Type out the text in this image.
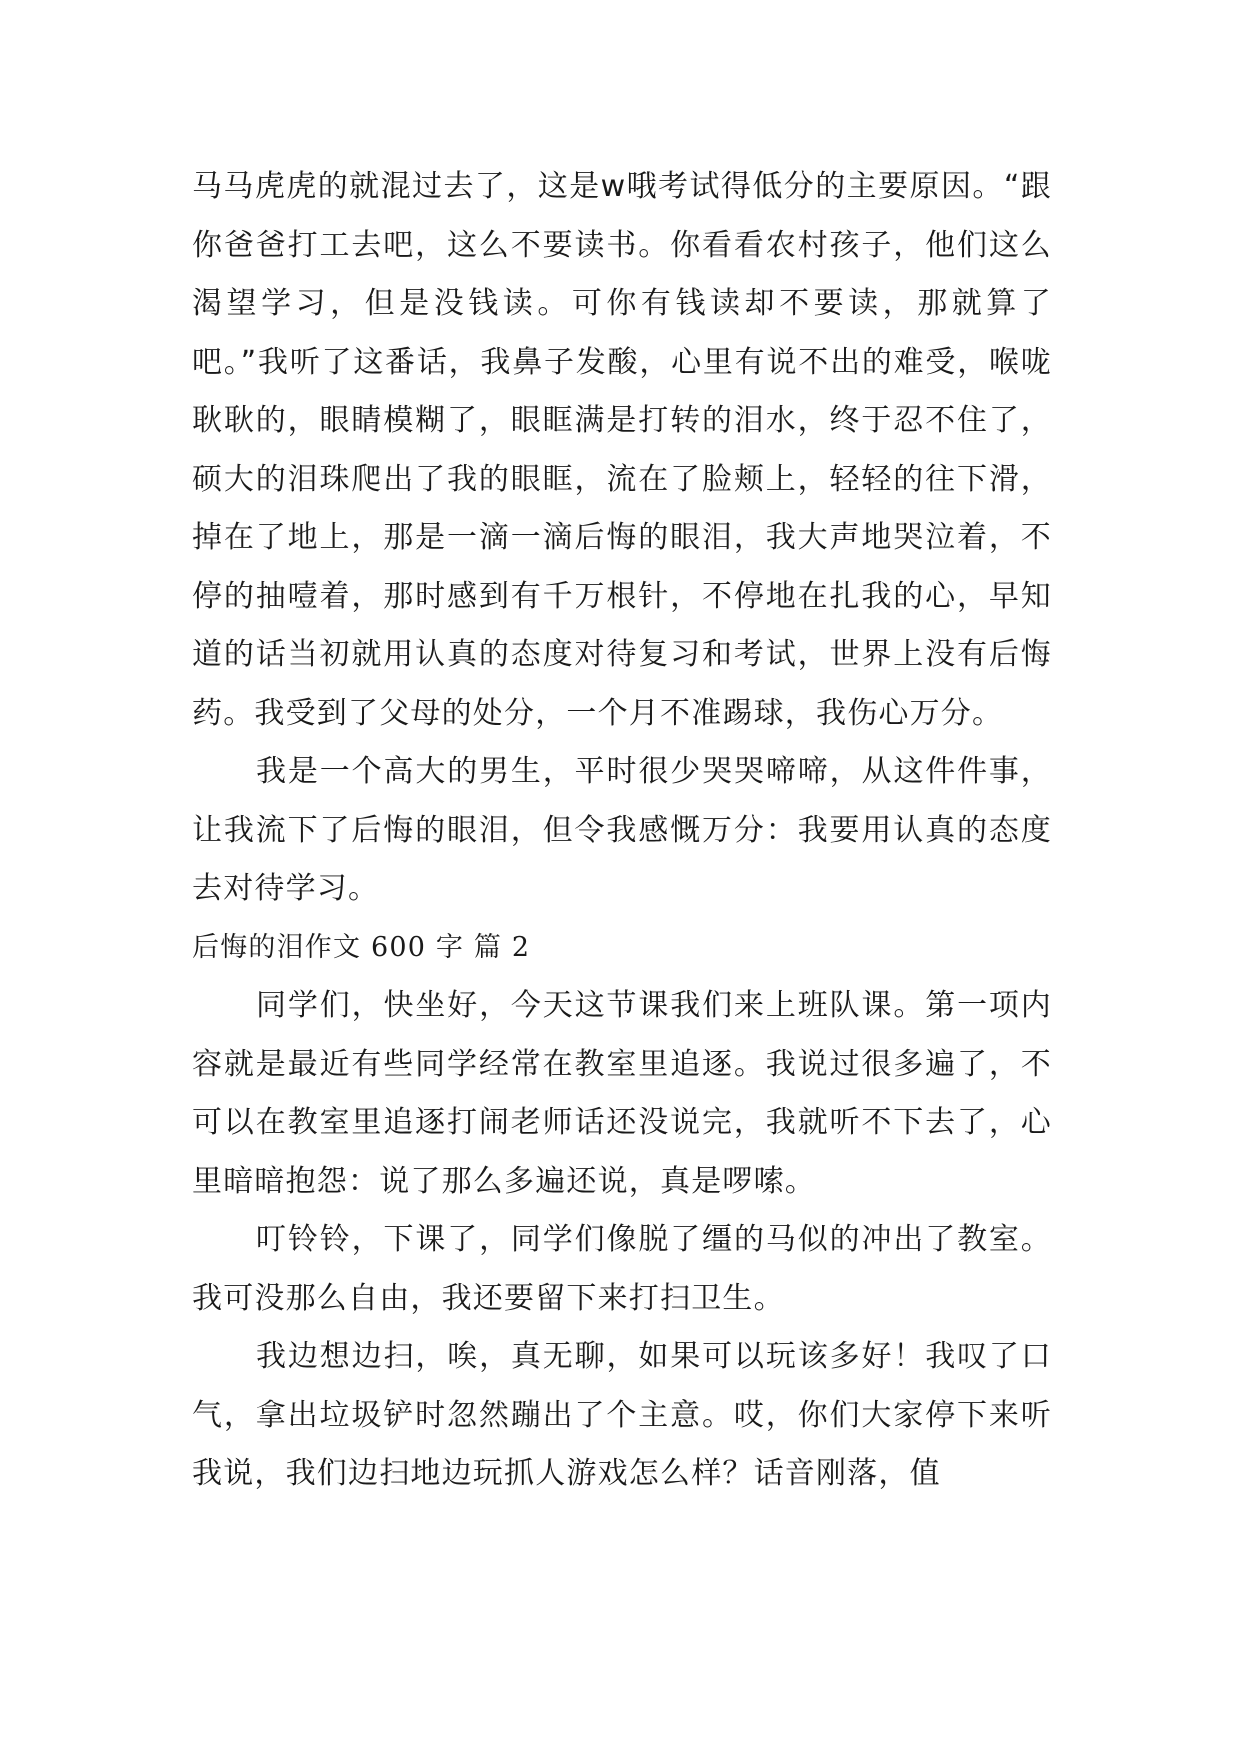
马马虎虎的就混过去了，这是w哦考试得低分的主要原因。“跟你爸爸打工去吧，这么不要读书。你看看农村孩子，他们这么渴望学习，但是没钱读。可你有钱读却不要读，那就算了吧。”我听了这番话，我鼻子发酸，心里有说不出的难受，喉咙耿耿的，眼睛模糊了，眼眶满是打转的泪水，终于忍不住了，硕大的泪珠爬出了我的眼眶，流在了脸颊上，轻轻的往下滑，掉在了地上，那是一滴一滴后悔的眼泪，我大声地哭泣着，不停的抽噎着，那时感到有千万根针，不停地在扎我的心，早知道的话当初就用认真的态度对待复习和考试，世界上没有后悔药。我受到了父母的处分，一个月不准踢球，我伤心万分。

我是一个高大的男生，平时很少哭哭啼啼，从这件件事，让我流下了后悔的眼泪，但令我感慨万分：我要用认真的态度去对待学习。

后悔的泪作文 600 字 篇 2

同学们，快坐好，今天这节课我们来上班队课。第一项内容就是最近有些同学经常在教室里追逐。我说过很多遍了，不可以在教室里追逐打闹老师话还没说完，我就听不下去了，心里暗暗抱怨：说了那么多遍还说，真是啰嗦。

叮铃铃，下课了，同学们像脱了缰的马似的冲出了教室。我可没那么自由，我还要留下来打扫卫生。

我边想边扫，唉，真无聊，如果可以玩该多好！我叹了口气，拿出垃圾铲时忽然蹦出了个主意。哎，你们大家停下来听我说，我们边扫地边玩抓人游戏怎么样？话音刚落，值
